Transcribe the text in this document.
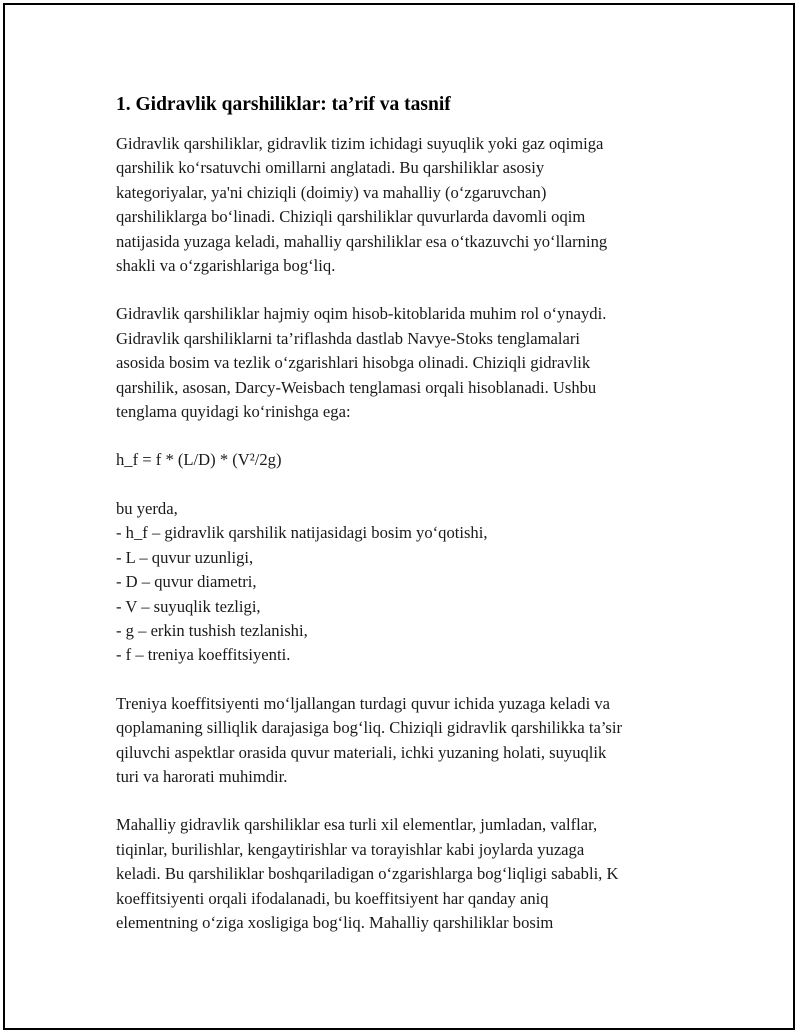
1. Gidravlik qarshiliklar: ta’rif va tasnif
Gidravlik qarshiliklar, gidravlik tizim ichidagi suyuqlik yoki gaz oqimiga
qarshilik ko‘rsatuvchi omillarni anglatadi. Bu qarshiliklar asosiy
kategoriyalar, ya'ni chiziqli (doimiy) va mahalliy (o‘zgaruvchan)
qarshiliklarga bo‘linadi. Chiziqli qarshiliklar quvurlarda davomli oqim
natijasida yuzaga keladi, mahalliy qarshiliklar esa o‘tkazuvchi yo‘llarning
shakli va o‘zgarishlariga bog‘liq.
Gidravlik qarshiliklar hajmiy oqim hisob-kitoblarida muhim rol o‘ynaydi.
Gidravlik qarshiliklarni ta’riflashda dastlab Navye-Stoks tenglamalari
asosida bosim va tezlik o‘zgarishlari hisobga olinadi. Chiziqli gidravlik
qarshilik, asosan, Darcy-Weisbach tenglamasi orqali hisoblanadi. Ushbu
tenglama quyidagi ko‘rinishga ega:
h_f = f * (L/D) * (V²/2g)
bu yerda,
- h_f – gidravlik qarshilik natijasidagi bosim yo‘qotishi,
- L – quvur uzunligi,
- D – quvur diametri,
- V – suyuqlik tezligi,
- g – erkin tushish tezlanishi,
- f – treniya koeffitsiyenti.
Treniya koeffitsiyenti mo‘ljallangan turdagi quvur ichida yuzaga keladi va
qoplamaning silliqlik darajasiga bog‘liq. Chiziqli gidravlik qarshilikka ta’sir
qiluvchi aspektlar orasida quvur materiali, ichki yuzaning holati, suyuqlik
turi va harorati muhimdir.
Mahalliy gidravlik qarshiliklar esa turli xil elementlar, jumladan, valflar,
tiqinlar, burilishlar, kengaytirishlar va torayishlar kabi joylarda yuzaga
keladi. Bu qarshiliklar boshqariladigan o‘zgarishlarga bog‘liqligi sababli, K
koeffitsiyenti orqali ifodalanadi, bu koeffitsiyent har qanday aniq
elementning o‘ziga xosligiga bog‘liq. Mahalliy qarshiliklar bosim
